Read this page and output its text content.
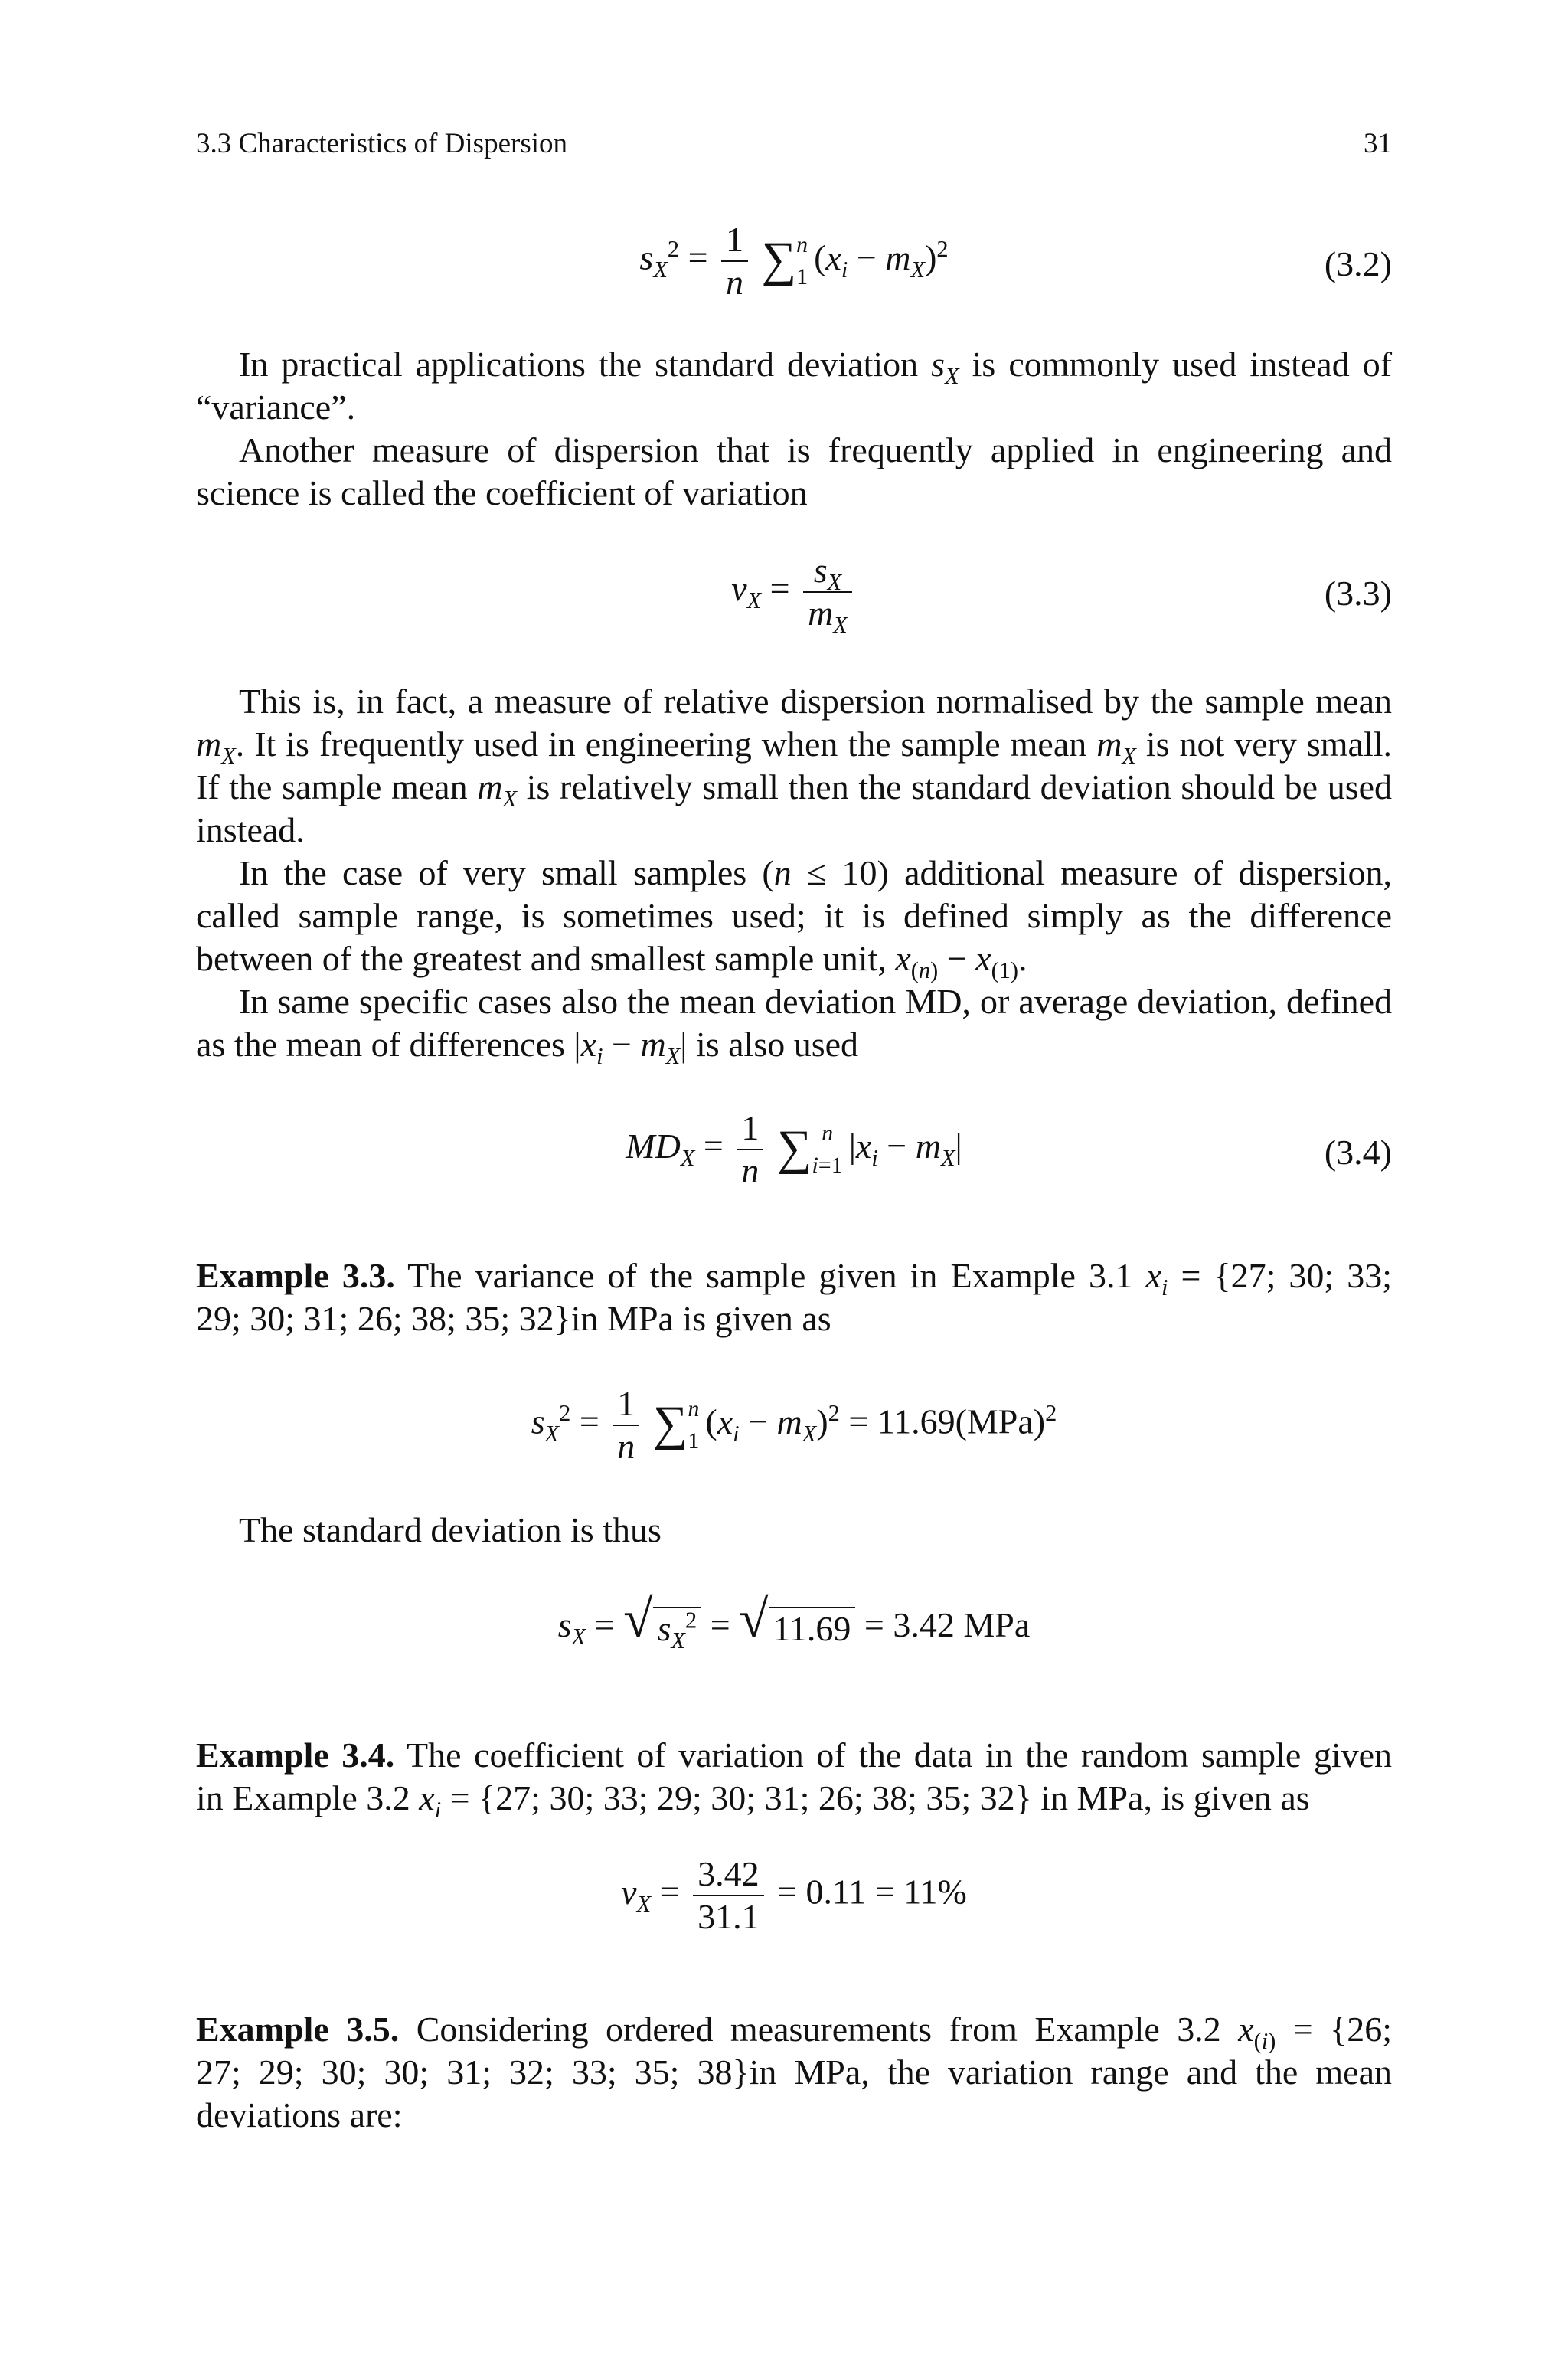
3.3 Characteristics of Dispersion	31
$s_X^2 = \frac{1}{n}$ ∑ n
1 $(x_i - m_X)^2$	(3.2)
In practical applications the standard deviation $s_X$ is commonly used instead of
“variance”.
Another measure of dispersion that is frequently applied in engineering and
science is called the coefficient of variation
$v_X = \frac{s_X}{m_X}$	(3.3)
This is, in fact, a measure of relative dispersion normalised by the sample mean
$m_X$. It is frequently used in engineering when the sample mean $m_X$ is not very small.
If the sample mean $m_X$ is relatively small then the standard deviation should be used
instead.
In the case of very small samples (n ≤ 10) additional measure of dispersion,
called sample range, is sometimes used; it is defined simply as the difference
between of the greatest and smallest sample unit, $x_{(n)} - x_{(1)}$.
In same specific cases also the mean deviation MD, or average deviation, defined
as the mean of differences $|x_i - m_X|$ is also used
$MD_X = \frac{1}{n}$ ∑ n
i=1 $|x_i - m_X|$	(3.4)
Example 3.3. The variance of the sample given in Example 3.1 $x_i = \{27$; 30; 33;
29; 30; 31; 26; 38; 35; 32}in MPa is given as
$s_X^2 = \frac{1}{n}$ ∑ n
1 $(x_i - m_X)^2 = 11.69(MPa)^2$
The standard deviation is thus
$s_X$ = √ $s_X^2$ = √ 11.69 = 3.42 MPa
Example 3.4. The coefficient of variation of the data in the random sample given
in Example 3.2 $x_i = \{27$; 30; 33; 29; 30; 31; 26; 38; 35; 32} in MPa, is given as
$v_X = \frac{3.42}{31.1} = 0.11 = 11\%$
Example 3.5. Considering ordered measurements from Example 3.2 $x_{(i)} = \{26$;
27; 29; 30; 30; 31; 32; 33; 35; 38}in MPa, the variation range and the mean
deviations are:
